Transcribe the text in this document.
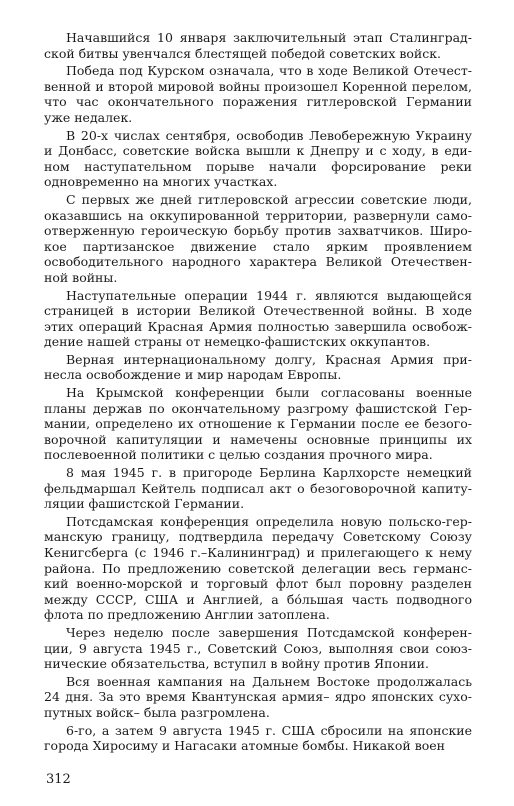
Начавшийся 10 января заключительный этап Сталинградской битвы увенчался блестящей победой советских войск.

Победа под Курском означала, что в ходе Великой Отечественной и второй мировой войны произошел Коренной перелом, что час окончательного поражения гитлеровской Германии уже недалек.

В 20-х числах сентября, освободив Левобережную Украину и Донбасс, советские войска вышли к Днепру и с ходу, в едином наступательном порыве начали форсирование реки одновременно на многих участках.

С первых же дней гитлеровской агрессии советские люди, оказавшись на оккупированной территории, развернули самоотверженную героическую борьбу против захватчиков. Широкое партизанское движение стало ярким проявлением освободительного народного характера Великой Отечественной войны.

Наступательные операции 1944 г. являются выдающейся страницей в истории Великой Отечественной войны. В ходе этих операций Красная Армия полностью завершила освобождение нашей страны от немецко-фашистских оккупантов.

Верная интернациональному долгу, Красная Армия принесла освобождение и мир народам Европы.

На Крымской конференции были согласованы военные планы держав по окончательному разгрому фашистской Германии, определено их отношение к Германии после ее безоговорочной капитуляции и намечены основные принципы их послевоенной политики с целью создания прочного мира.

8 мая 1945 г. в пригороде Берлина Карлхорсте немецкий фельдмаршал Кейтель подписал акт о безоговорочной капитуляции фашистской Германии.

Потсдамская конференция определила новую польско-германскую границу, подтвердила передачу Советскому Союзу Кенигсберга (с 1946 г.–Калининград) и прилегающего к нему района. По предложению советской делегации весь германский военно-морской и торговый флот был поровну разделен между СССР, США и Англией, а бо́льшая часть подводного флота по предложению Англии затоплена.

Через неделю после завершения Потсдамской конференции, 9 августа 1945 г., Советский Союз, выполняя свои союзнические обязательства, вступил в войну против Японии.

Вся военная кампания на Дальнем Востоке продолжалась 24 дня. За это время Квантунская армия– ядро японских сухопутных войск– была разгромлена.

6-го, а затем 9 августа 1945 г. США сбросили на японские города Хиросиму и Нагасаки атомные бомбы. Никакой воен

312
